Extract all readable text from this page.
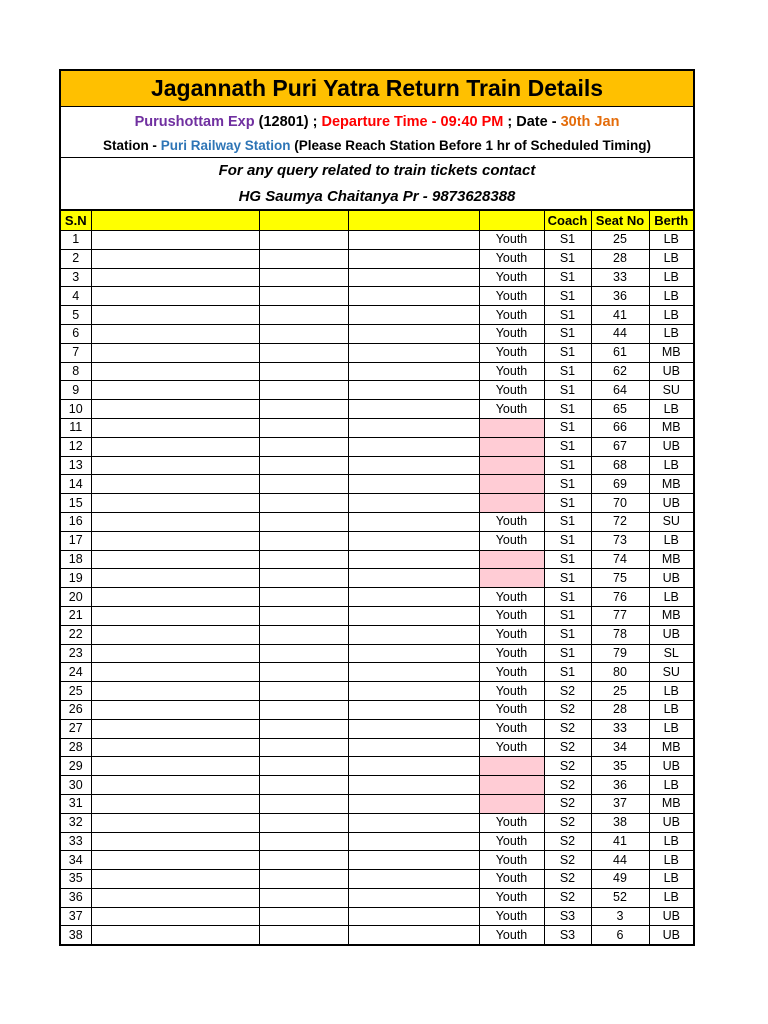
Jagannath Puri Yatra Return Train Details
Purushottam Exp (12801) ; Departure Time - 09:40 PM ; Date - 30th Jan
Station - Puri Railway Station (Please Reach Station Before 1 hr of Scheduled Timing)
For any query related to train tickets contact
HG Saumya Chaitanya Pr - 9873628388
S.N					Coach	Seat No	Berth
1				Youth	S1	25	LB
2				Youth	S1	28	LB
3				Youth	S1	33	LB
4				Youth	S1	36	LB
5				Youth	S1	41	LB
6				Youth	S1	44	LB
7				Youth	S1	61	MB
8				Youth	S1	62	UB
9				Youth	S1	64	SU
10				Youth	S1	65	LB
11					S1	66	MB
12					S1	67	UB
13					S1	68	LB
14					S1	69	MB
15					S1	70	UB
16				Youth	S1	72	SU
17				Youth	S1	73	LB
18					S1	74	MB
19					S1	75	UB
20				Youth	S1	76	LB
21				Youth	S1	77	MB
22				Youth	S1	78	UB
23				Youth	S1	79	SL
24				Youth	S1	80	SU
25				Youth	S2	25	LB
26				Youth	S2	28	LB
27				Youth	S2	33	LB
28				Youth	S2	34	MB
29					S2	35	UB
30					S2	36	LB
31					S2	37	MB
32				Youth	S2	38	UB
33				Youth	S2	41	LB
34				Youth	S2	44	LB
35				Youth	S2	49	LB
36				Youth	S2	52	LB
37				Youth	S3	3	UB
38				Youth	S3	6	UB
